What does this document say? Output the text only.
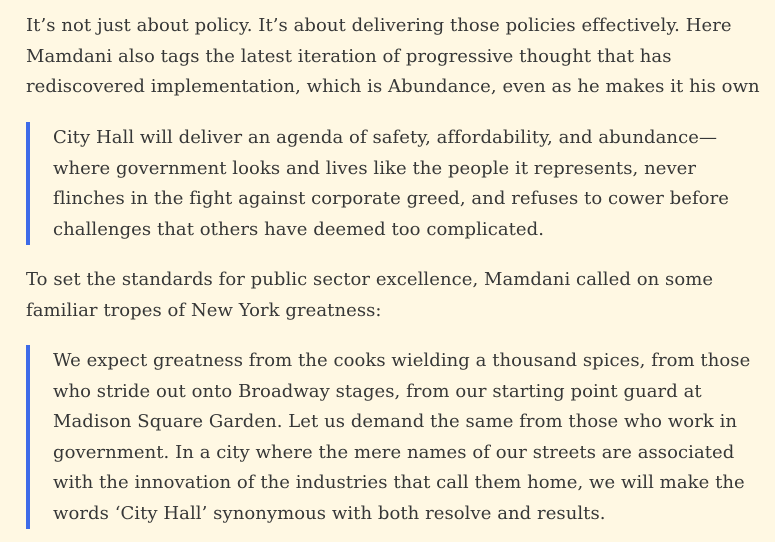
It’s not just about policy. It’s about delivering those policies effectively. Here Mamdani also tags the latest iteration of progressive thought that has rediscovered implementation, which is Abundance, even as he makes it his own

City Hall will deliver an agenda of safety, affordability, and abundance—where government looks and lives like the people it represents, never flinches in the fight against corporate greed, and refuses to cower before challenges that others have deemed too complicated.

To set the standards for public sector excellence, Mamdani called on some familiar tropes of New York greatness:

We expect greatness from the cooks wielding a thousand spices, from those who stride out onto Broadway stages, from our starting point guard at Madison Square Garden. Let us demand the same from those who work in government. In a city where the mere names of our streets are associated with the innovation of the industries that call them home, we will make the words ‘City Hall’ synonymous with both resolve and results.
